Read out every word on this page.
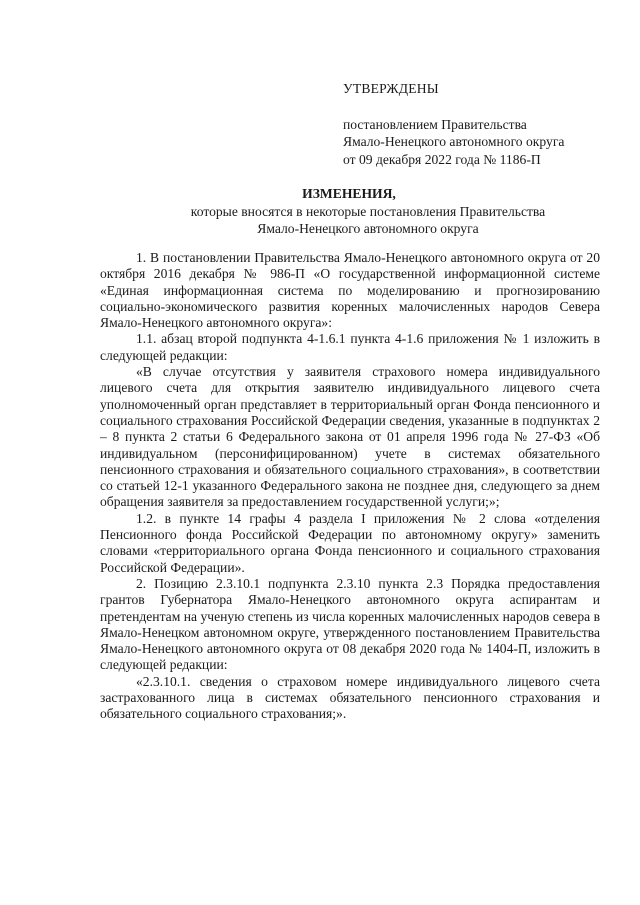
УТВЕРЖДЕНЫ
постановлением Правительства
Ямало-Ненецкого автономного округа
от 09 декабря 2022 года № 1186-П
ИЗМЕНЕНИЯ,
которые вносятся в некоторые постановления Правительства
Ямало-Ненецкого автономного округа

1. В постановлении Правительства Ямало-Ненецкого автономного округа от 20 октября 2016 декабря № 986-П «О государственной информационной системе «Единая информационная система по моделированию и прогнозированию социально-экономического развития коренных малочисленных народов Севера Ямало-Ненецкого автономного округа»:

1.1. абзац второй подпункта 4-1.6.1 пункта 4-1.6 приложения № 1 изложить в следующей редакции:

«В случае отсутствия у заявителя страхового номера индивидуального лицевого счета для открытия заявителю индивидуального лицевого счета уполномоченный орган представляет в территориальный орган Фонда пенсионного и социального страхования Российской Федерации сведения, указанные в подпунктах 2 – 8 пункта 2 статьи 6 Федерального закона от 01 апреля 1996 года № 27-ФЗ «Об индивидуальном (персонифицированном) учете в системах обязательного пенсионного страхования и обязательного социального страхования», в соответствии со статьей 12-1 указанного Федерального закона не позднее дня, следующего за днем обращения заявителя за предоставлением государственной услуги;»;

1.2. в пункте 14 графы 4 раздела I приложения № 2 слова «отделения Пенсионного фонда Российской Федерации по автономному округу» заменить словами «территориального органа Фонда пенсионного и социального страхования Российской Федерации».

2. Позицию 2.3.10.1 подпункта 2.3.10 пункта 2.3 Порядка предоставления грантов Губернатора Ямало-Ненецкого автономного округа аспирантам и претендентам на ученую степень из числа коренных малочисленных народов севера в Ямало-Ненецком автономном округе, утвержденного постановлением Правительства Ямало-Ненецкого автономного округа от 08 декабря 2020 года № 1404-П, изложить в следующей редакции:

«2.3.10.1. сведения о страховом номере индивидуального лицевого счета застрахованного лица в системах обязательного пенсионного страхования и обязательного социального страхования;».
